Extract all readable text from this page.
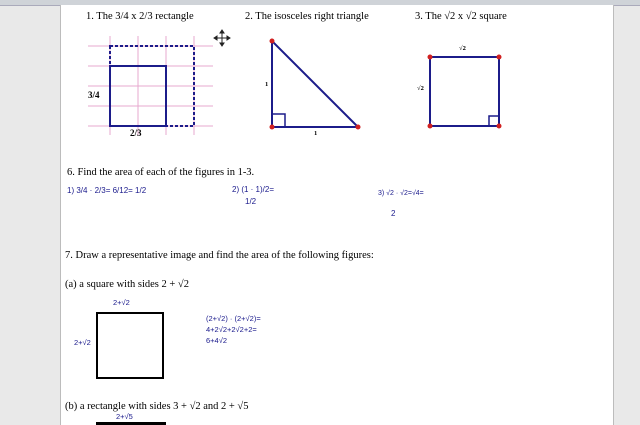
1. The 3/4 x 2/3 rectangle	2. The isosceles right triangle	3. The √2 x √2 square
3/4
2/3
1
1
√2
√2
6. Find the area of each of the figures in 1-3.
1) 3/4 · 2/3= 6/12= 1/2	2) (1 · 1)/2=
1/2
3) √2 · √2=√4=
2
7. Draw a representative image and find the area of the following figures:
(a) a square with sides 2 + √2
2+√2
2+√2
(2+√2) · (2+√2)=
4+2√2+2√2+2=
6+4√2
(b) a rectangle with sides 3 + √2 and 2 + √5
2+√5
